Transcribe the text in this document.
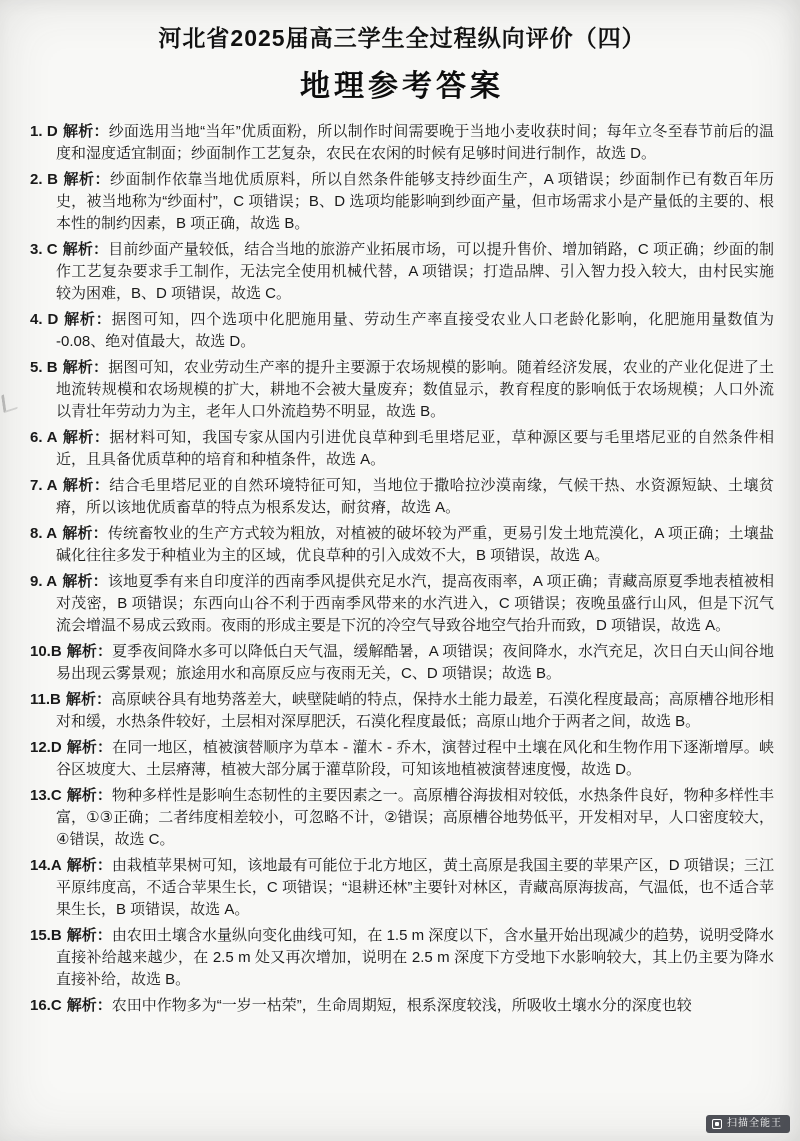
河北省2025届高三学生全过程纵向评价（四）
地理参考答案

1. D 解析：纱面选用当地“当年”优质面粉，所以制作时间需要晚于当地小麦收获时间；每年立冬至春节前后的温度和湿度适宜制面；纱面制作工艺复杂，农民在农闲的时候有足够时间进行制作，故选 D。

2. B 解析：纱面制作依靠当地优质原料，所以自然条件能够支持纱面生产，A 项错误；纱面制作已有数百年历史，被当地称为“纱面村”，C 项错误；B、D 选项均能影响到纱面产量，但市场需求小是产量低的主要的、根本性的制约因素，B 项正确，故选 B。

3. C 解析：目前纱面产量较低，结合当地的旅游产业拓展市场，可以提升售价、增加销路，C 项正确；纱面的制作工艺复杂要求手工制作，无法完全使用机械代替，A 项错误；打造品牌、引入智力投入较大，由村民实施较为困难，B、D 项错误，故选 C。

4. D 解析：据图可知，四个选项中化肥施用量、劳动生产率直接受农业人口老龄化影响，化肥施用量数值为 -0.08、绝对值最大，故选 D。

5. B 解析：据图可知，农业劳动生产率的提升主要源于农场规模的影响。随着经济发展，农业的产业化促进了土地流转规模和农场规模的扩大，耕地不会被大量废弃；数值显示，教育程度的影响低于农场规模；人口外流以青壮年劳动力为主，老年人口外流趋势不明显，故选 B。

6. A 解析：据材料可知，我国专家从国内引进优良草种到毛里塔尼亚，草种源区要与毛里塔尼亚的自然条件相近，且具备优质草种的培育和种植条件，故选 A。

7. A 解析：结合毛里塔尼亚的自然环境特征可知，当地位于撒哈拉沙漠南缘，气候干热、水资源短缺、土壤贫瘠，所以该地优质畜草的特点为根系发达，耐贫瘠，故选 A。

8. A 解析：传统畜牧业的生产方式较为粗放，对植被的破坏较为严重，更易引发土地荒漠化，A 项正确；土壤盐碱化往往多发于种植业为主的区域，优良草种的引入成效不大，B 项错误，故选 A。

9. A 解析：该地夏季有来自印度洋的西南季风提供充足水汽，提高夜雨率，A 项正确；青藏高原夏季地表植被相对茂密，B 项错误；东西向山谷不利于西南季风带来的水汽进入，C 项错误；夜晚虽盛行山风，但是下沉气流会增温不易成云致雨。夜雨的形成主要是下沉的冷空气导致谷地空气抬升而致，D 项错误，故选 A。

10.B 解析：夏季夜间降水多可以降低白天气温，缓解酷暑，A 项错误；夜间降水，水汽充足，次日白天山间谷地易出现云雾景观；旅途用水和高原反应与夜雨无关，C、D 项错误；故选 B。

11.B 解析：高原峡谷具有地势落差大，峡壁陡峭的特点，保持水土能力最差，石漠化程度最高；高原槽谷地形相对和缓，水热条件较好，土层相对深厚肥沃，石漠化程度最低；高原山地介于两者之间，故选 B。

12.D 解析：在同一地区，植被演替顺序为草本 - 灌木 - 乔木，演替过程中土壤在风化和生物作用下逐渐增厚。峡谷区坡度大、土层瘠薄，植被大部分属于灌草阶段，可知该地植被演替速度慢，故选 D。

13.C 解析：物种多样性是影响生态韧性的主要因素之一。高原槽谷海拔相对较低，水热条件良好，物种多样性丰富，①③正确；二者纬度相差较小，可忽略不计，②错误；高原槽谷地势低平，开发相对早，人口密度较大，④错误，故选 C。

14.A 解析：由栽植苹果树可知，该地最有可能位于北方地区，黄土高原是我国主要的苹果产区，D 项错误；三江平原纬度高，不适合苹果生长，C 项错误；“退耕还林”主要针对林区，青藏高原海拔高，气温低，也不适合苹果生长，B 项错误，故选 A。

15.B 解析：由农田土壤含水量纵向变化曲线可知，在 1.5 m 深度以下，含水量开始出现减少的趋势，说明受降水直接补给越来越少，在 2.5 m 处又再次增加，说明在 2.5 m 深度下方受地下水影响较大，其上仍主要为降水直接补给，故选 B。

16.C 解析：农田中作物多为“一岁一枯荣”，生命周期短，根系深度较浅，所吸收土壤水分的深度也较

扫描全能王
